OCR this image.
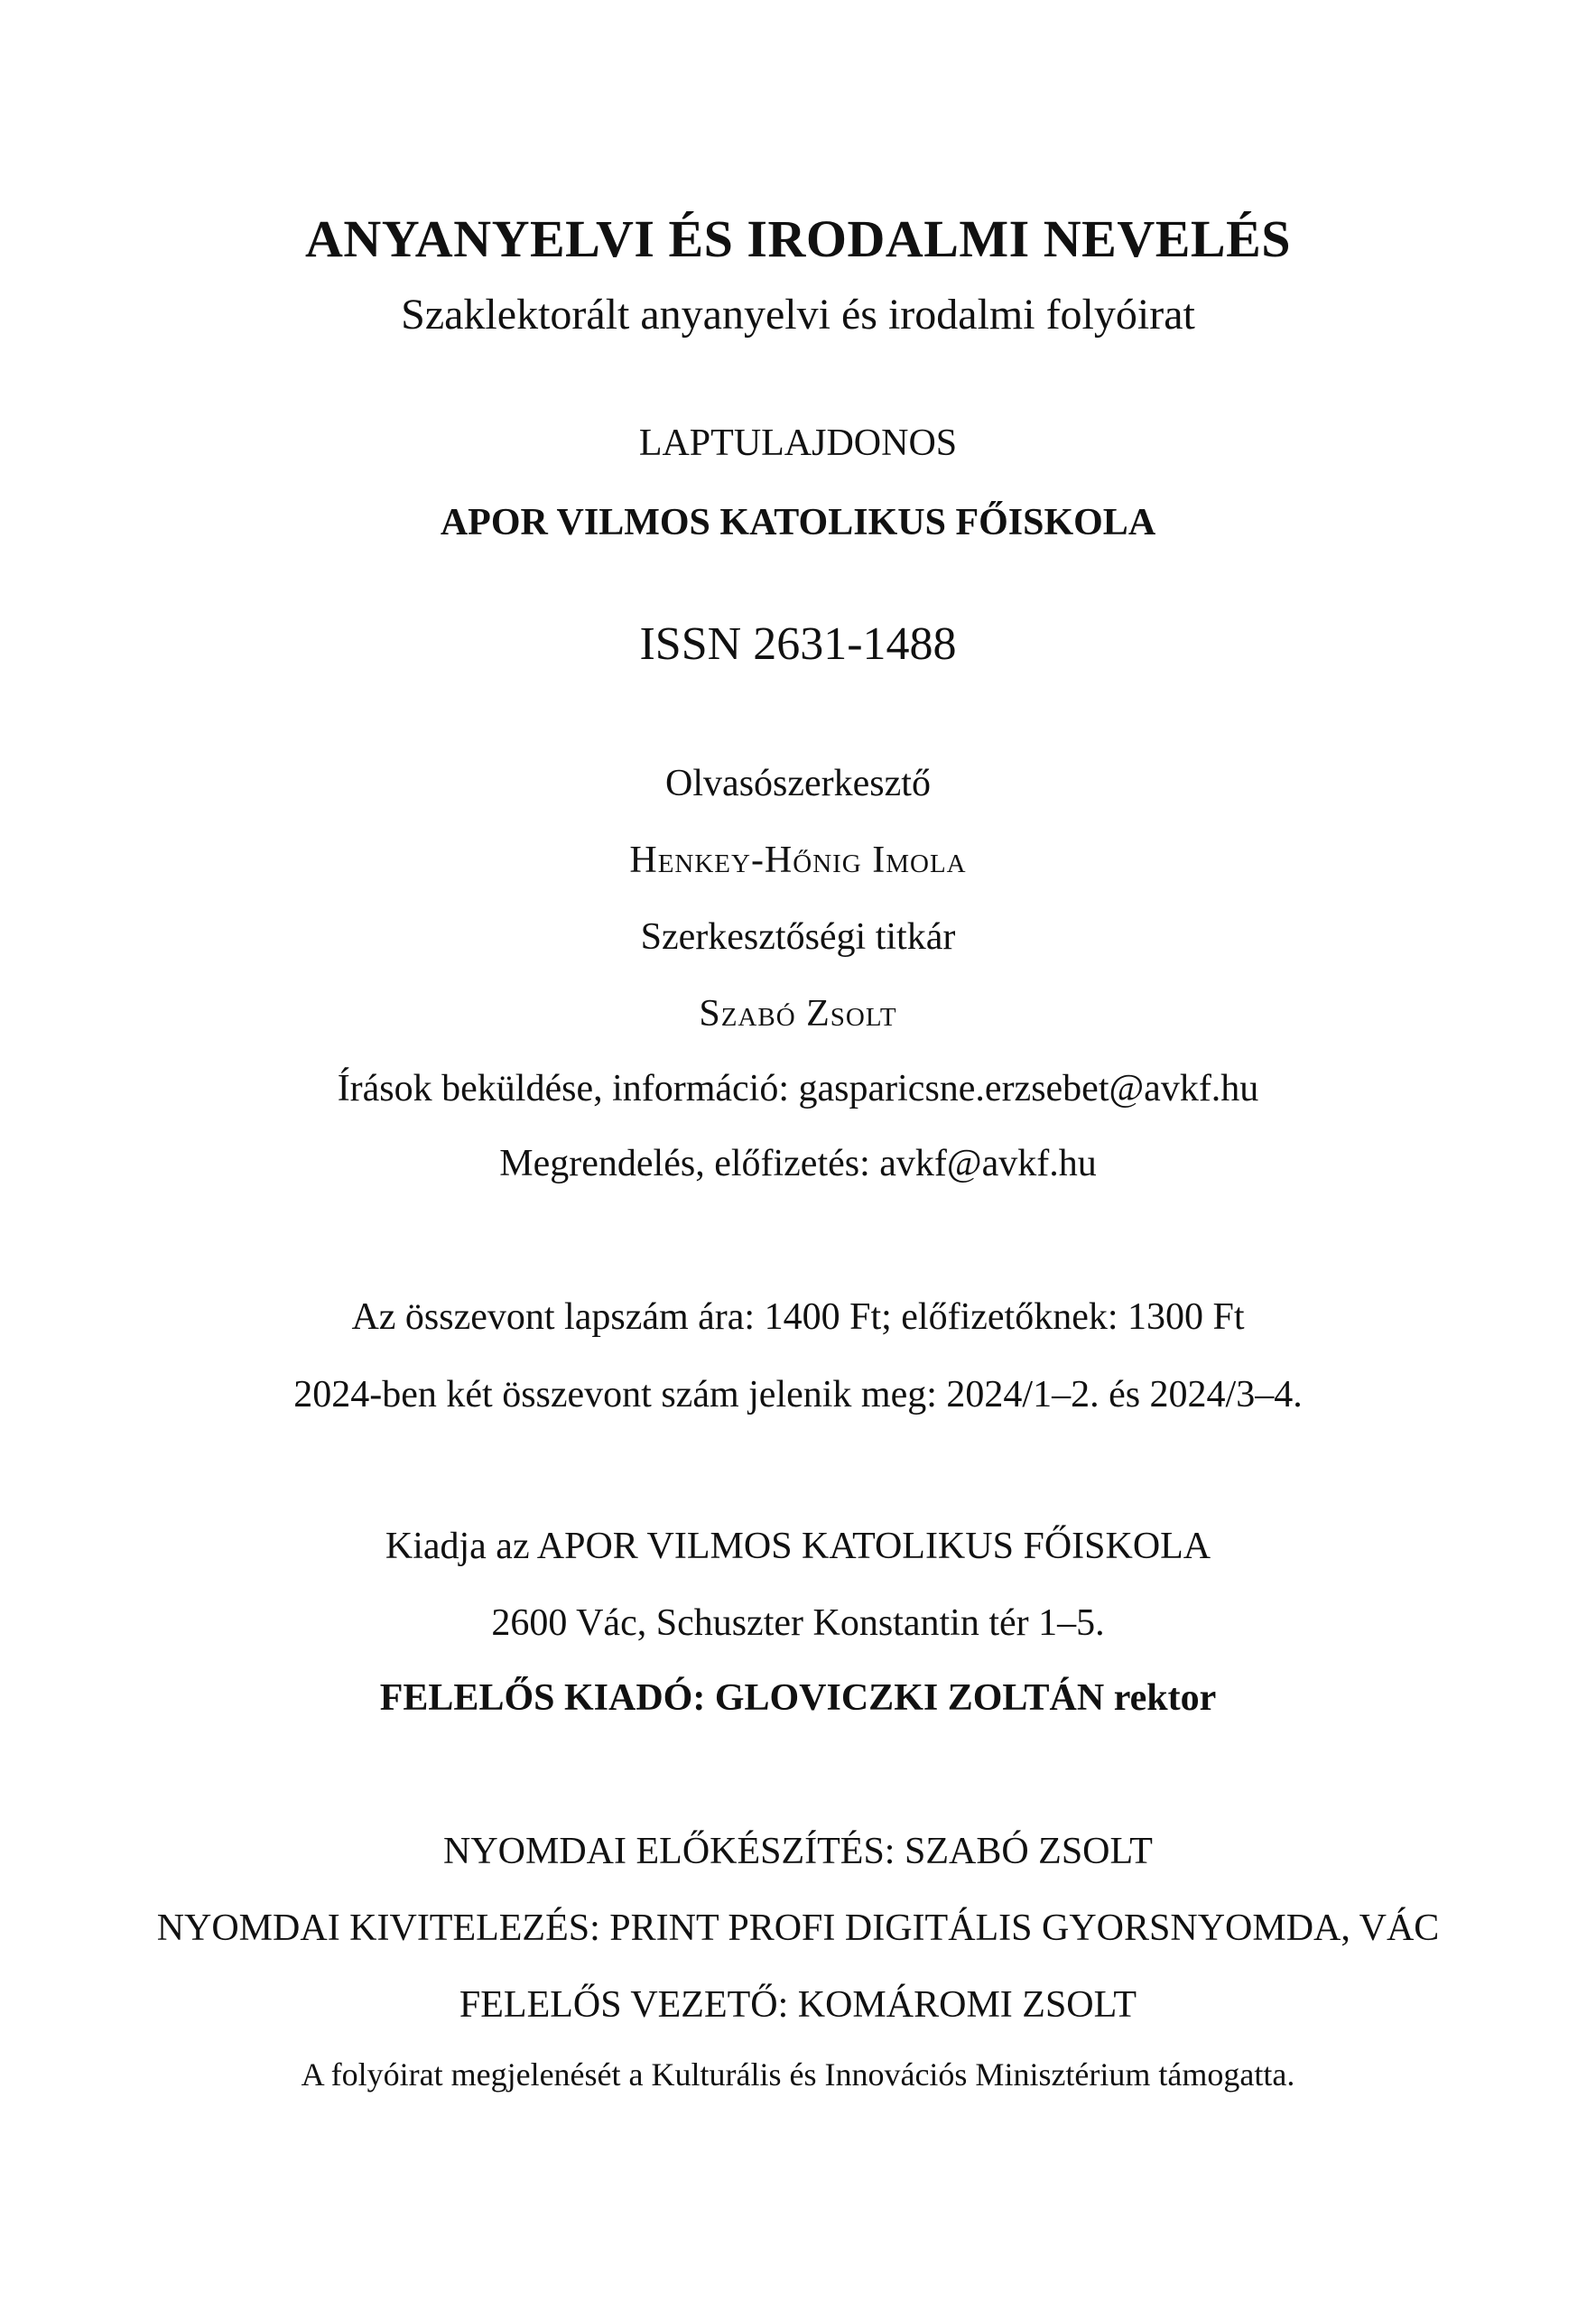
ANYANYELVI ÉS IRODALMI NEVELÉS
Szaklektorált anyanyelvi és irodalmi folyóirat
LAPTULAJDONOS
APOR VILMOS KATOLIKUS FŐISKOLA
ISSN 2631-1488
Olvasószerkesztő
Henkey-Hőnig Imola
Szerkesztőségi titkár
Szabó Zsolt
Írások beküldése, információ: gasparicsne.erzsebet@avkf.hu
Megrendelés, előfizetés: avkf@avkf.hu
Az összevont lapszám ára: 1400 Ft; előfizetőknek: 1300 Ft
2024-ben két összevont szám jelenik meg: 2024/1–2. és 2024/3–4.
Kiadja az APOR VILMOS KATOLIKUS FŐISKOLA
2600 Vác, Schuszter Konstantin tér 1–5.
FELELŐS KIADÓ: GLOVICZKI ZOLTÁN rektor
NYOMDAI ELŐKÉSZÍTÉS: SZABÓ ZSOLT
NYOMDAI KIVITELEZÉS: PRINT PROFI DIGITÁLIS GYORSNYOMDA, VÁC
FELELŐS VEZETŐ: KOMÁROMI ZSOLT
A folyóirat megjelenését a Kulturális és Innovációs Minisztérium támogatta.
